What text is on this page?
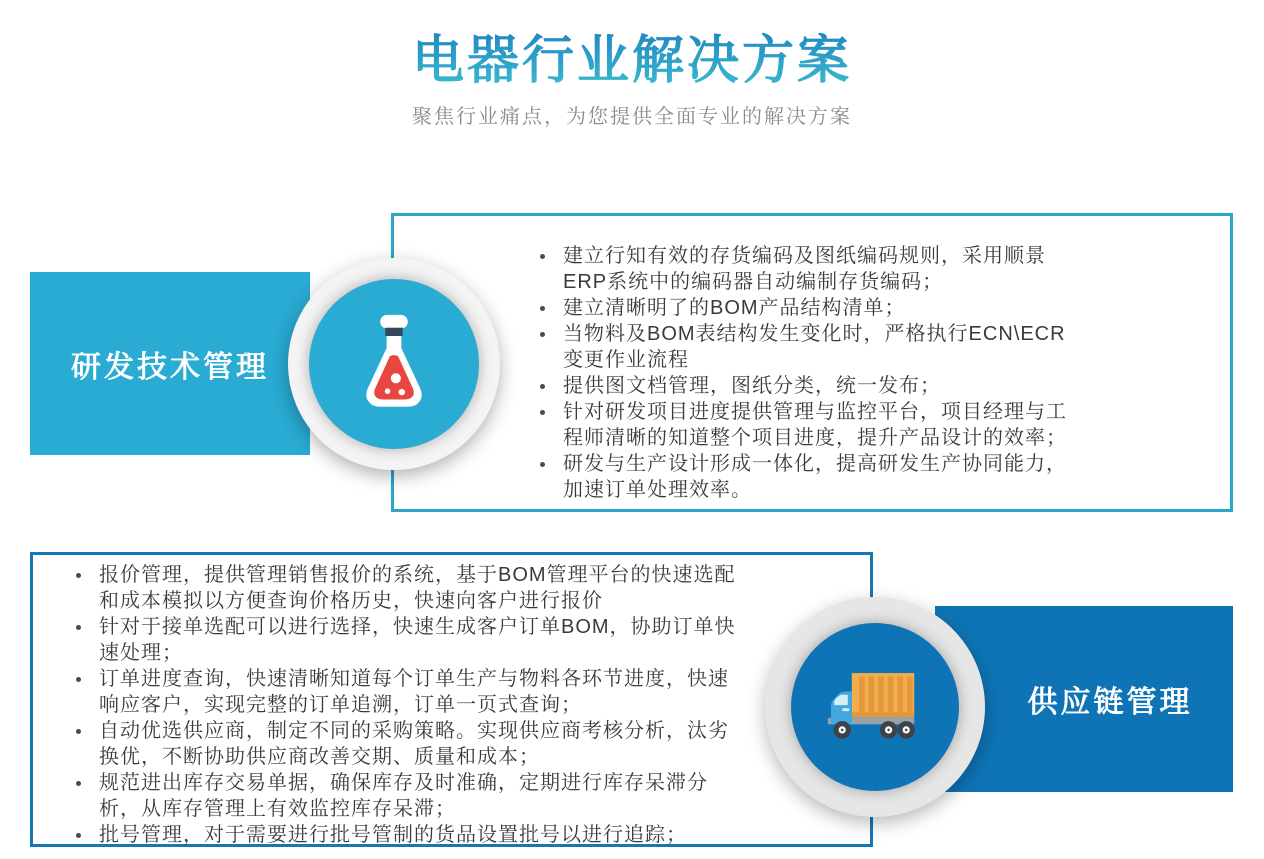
电器行业解决方案
聚焦行业痛点，为您提供全面专业的解决方案
建立行知有效的存货编码及图纸编码规则，采用顺景ERP系统中的编码器自动编制存货编码；
建立清晰明了的BOM产品结构清单；
当物料及BOM表结构发生变化时，严格执行ECN\ECR变更作业流程
提供图文档管理，图纸分类，统一发布；
针对研发项目进度提供管理与监控平台，项目经理与工程师清晰的知道整个项目进度，提升产品设计的效率；
研发与生产设计形成一体化，提高研发生产协同能力，加速订单处理效率。
研发技术管理
报价管理，提供管理销售报价的系统，基于BOM管理平台的快速选配和成本模拟以方便查询价格历史，快速向客户进行报价
针对于接单选配可以进行选择，快速生成客户订单BOM，协助订单快速处理；
订单进度查询，快速清晰知道每个订单生产与物料各环节进度，快速响应客户，实现完整的订单追溯，订单一页式查询；
自动优选供应商，制定不同的采购策略。实现供应商考核分析，汰劣换优，不断协助供应商改善交期、质量和成本；
规范进出库存交易单据，确保库存及时准确，定期进行库存呆滞分析，从库存管理上有效监控库存呆滞；
批号管理，对于需要进行批号管制的货品设置批号以进行追踪；
供应链管理
